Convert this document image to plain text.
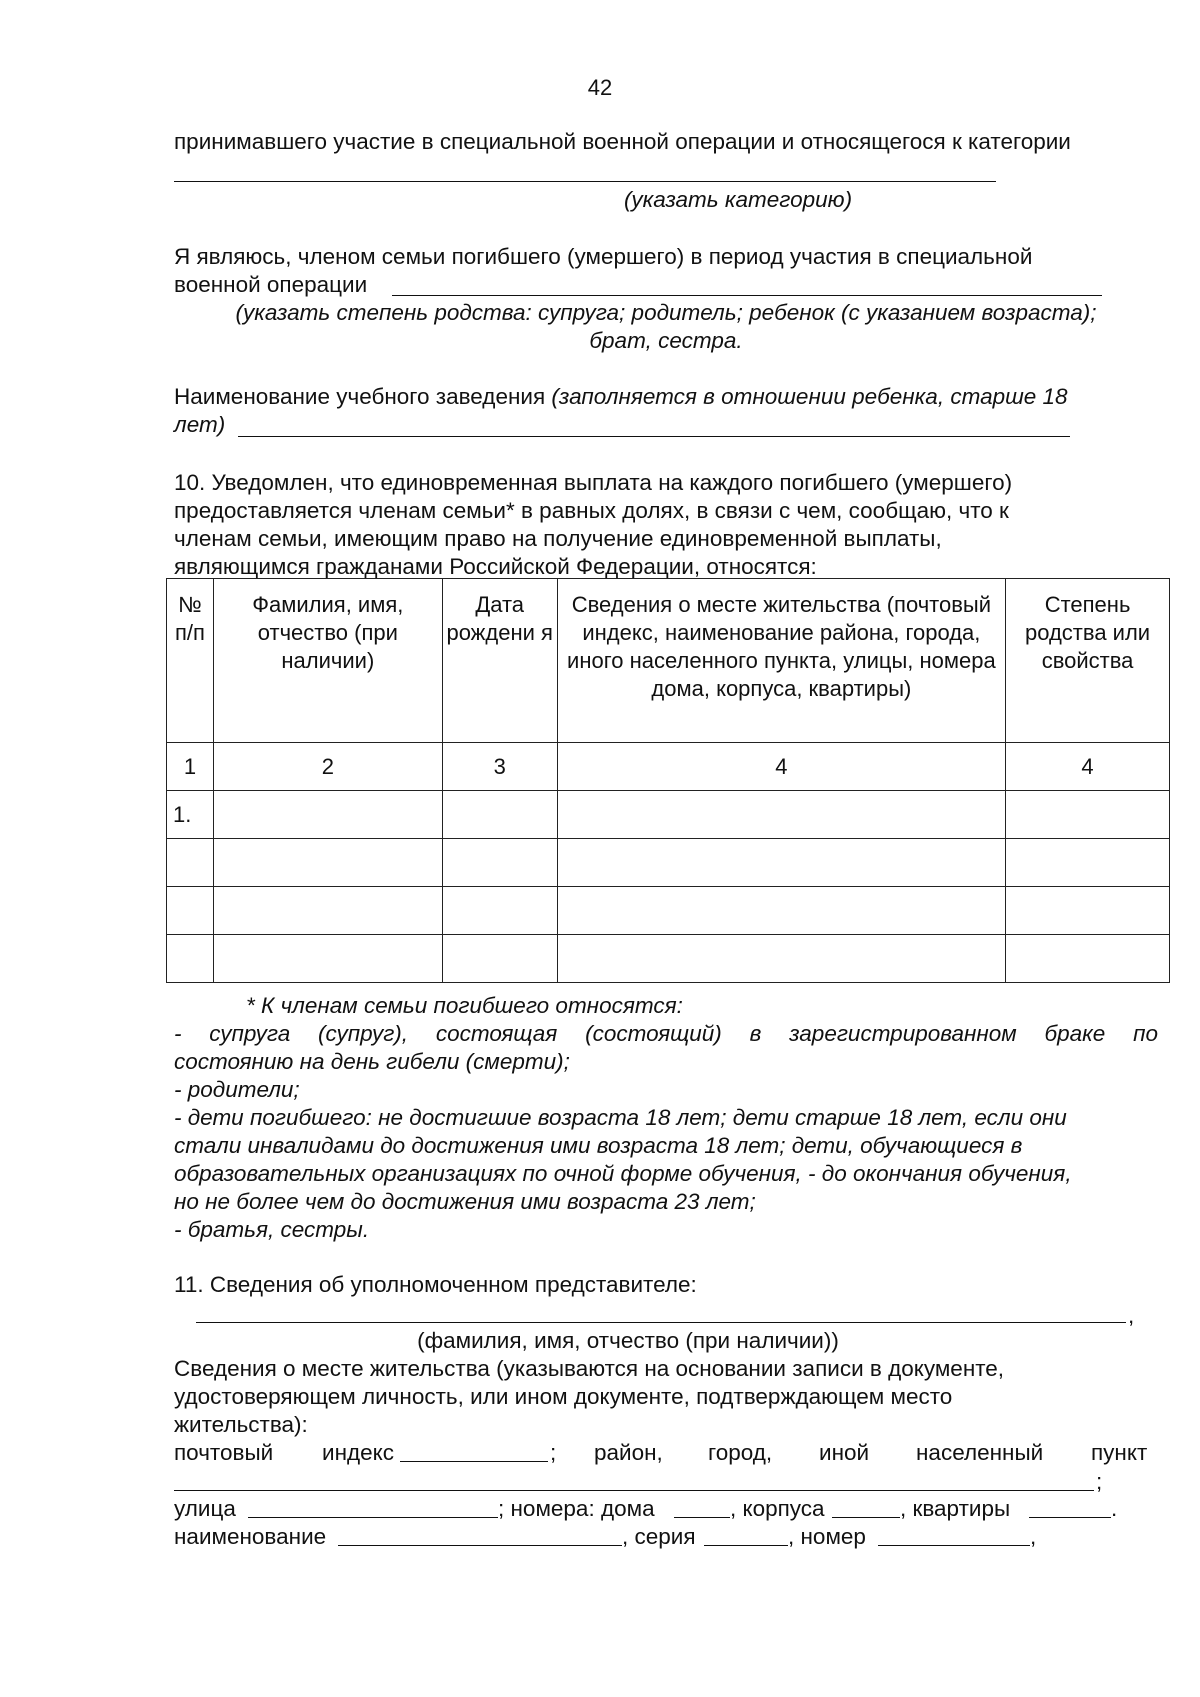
42

принимавшего участие в специальной военной операции и относящегося к категории

(указать категорию)

Я являюсь, членом семьи погибшего (умершего) в период участия в специальной

военной операции

(указать степень родства: супруга; родитель; ребенок (с указанием возраста);

брат, сестра.

Наименование учебного заведения (заполняется в отношении ребенка, старше 18

лет)

10. Уведомлен, что единовременная выплата на каждого погибшего (умершего)

предоставляется членам семьи* в равных долях, в связи с чем, сообщаю, что к

членам семьи, имеющим право на получение единовременной выплаты,

являющимся гражданами Российской Федерации, относятся:

№ п/п	Фамилия, имя, отчество (при наличии)	Дата рождени я	Сведения о месте жительства (почтовый индекс, наименование района, города, иного населенного пункта, улицы, номера дома, корпуса, квартиры)	Степень родства или свойства
1	2	3	4	4
1.				

* К членам семьи погибшего относятся:

- супруга (супруг), состоящая (состоящий) в зарегистрированном браке по

состоянию на день гибели (смерти);

- родители;

- дети погибшего: не достигшие возраста 18 лет; дети старше 18 лет, если они

стали инвалидами до достижения ими возраста 18 лет; дети, обучающиеся в

образовательных организациях по очной форме обучения, - до окончания обучения,

но не более чем до достижения ими возраста 23 лет;

- братья, сестры.

11. Сведения об уполномоченном представителе:

,

(фамилия, имя, отчество (при наличии))

Сведения о месте жительства (указываются на основании записи в документе,

удостоверяющем личность, или ином документе, подтверждающем место

жительства):

почтовый индекс	; район, город, иной населенный пункт
;
улица	; номера: дома	, корпуса	, квартиры	.
наименование	, серия	, номер	,
